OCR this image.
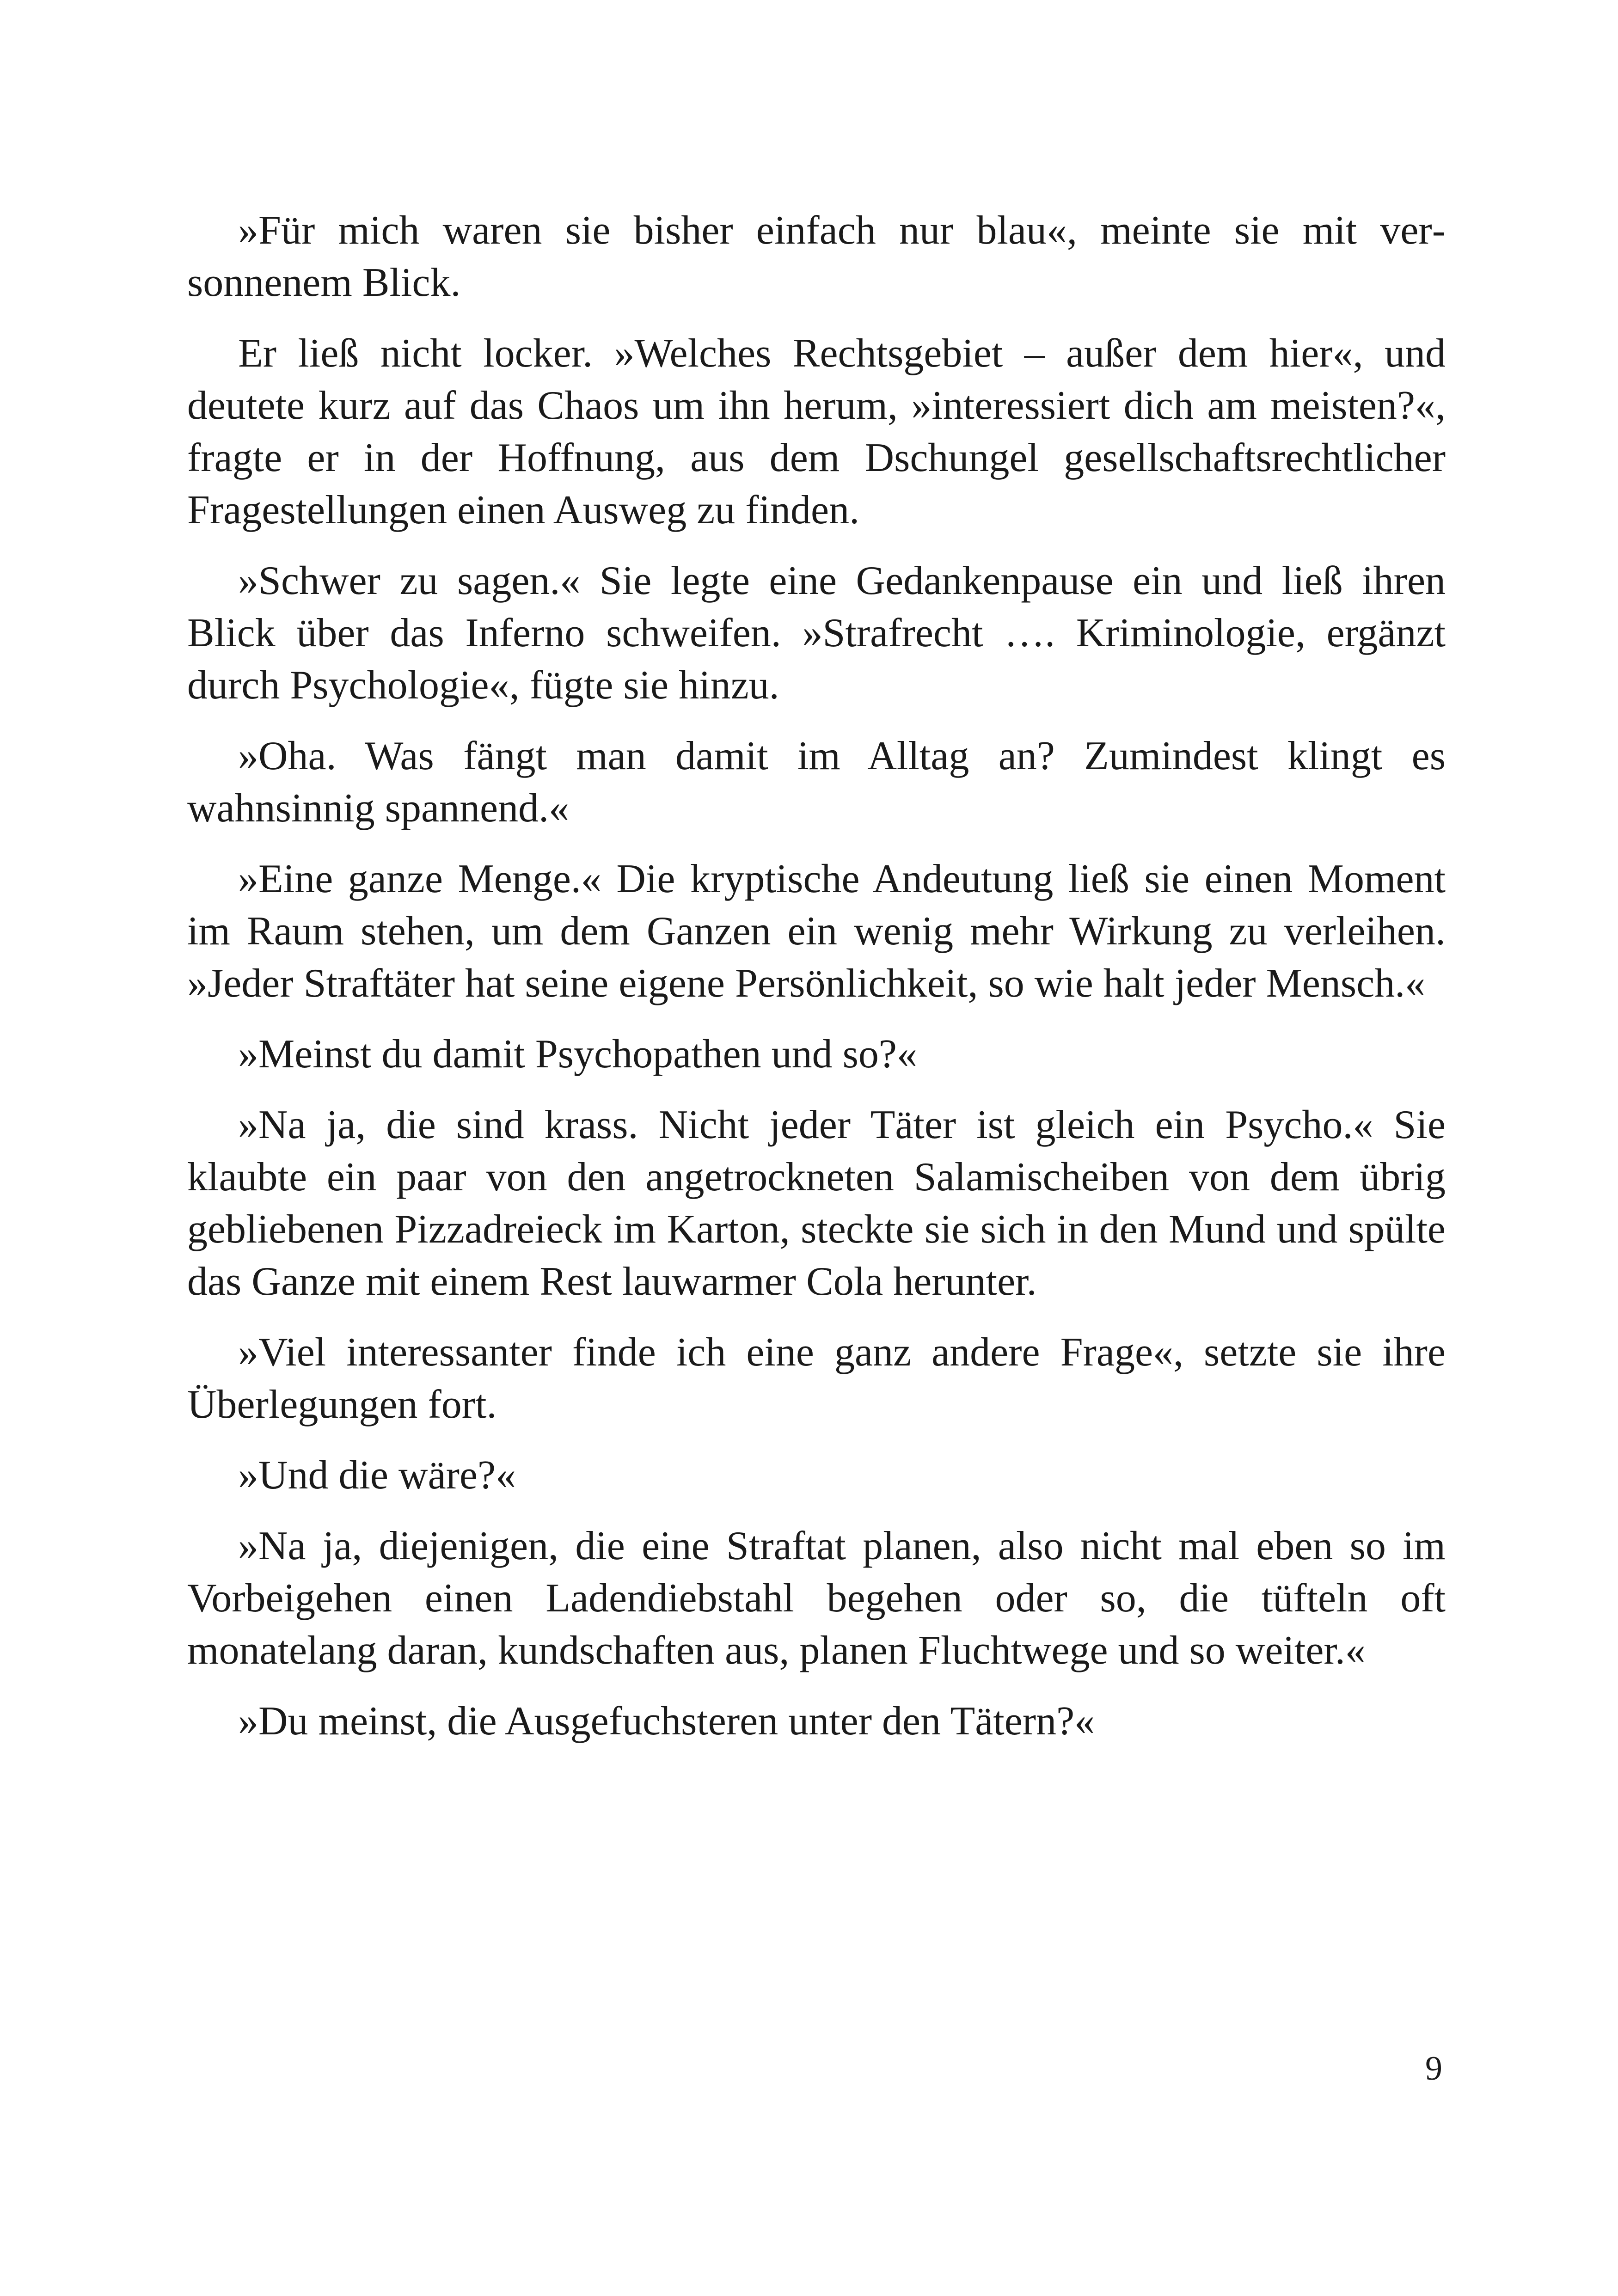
»Für mich waren sie bisher einfach nur blau«, meinte sie mit versonnenem Blick.

Er ließ nicht locker. »Welches Rechtsgebiet – außer dem hier«, und deutete kurz auf das Chaos um ihn herum, »interessiert dich am meisten?«, fragte er in der Hoffnung, aus dem Dschungel gesellschaftsrechtlicher Fragestellungen einen Ausweg zu finden.

»Schwer zu sagen.« Sie legte eine Gedankenpause ein und ließ ihren Blick über das Inferno schweifen. »Strafrecht …. Kriminologie, ergänzt durch Psychologie«, fügte sie hinzu.

»Oha. Was fängt man damit im Alltag an? Zumindest klingt es wahnsinnig spannend.«

»Eine ganze Menge.« Die kryptische Andeutung ließ sie einen Moment im Raum stehen, um dem Ganzen ein wenig mehr Wirkung zu verleihen. »Jeder Straftäter hat seine eigene Persönlichkeit, so wie halt jeder Mensch.«

»Meinst du damit Psychopathen und so?«

»Na ja, die sind krass. Nicht jeder Täter ist gleich ein Psycho.« Sie klaubte ein paar von den angetrockneten Salamischeiben von dem übrig gebliebenen Pizzadreieck im Karton, steckte sie sich in den Mund und spülte das Ganze mit einem Rest lauwarmer Cola herunter.

»Viel interessanter finde ich eine ganz andere Frage«, setzte sie ihre Überlegungen fort.

»Und die wäre?«

»Na ja, diejenigen, die eine Straftat planen, also nicht mal eben so im Vorbeigehen einen Ladendiebstahl begehen oder so, die tüfteln oft monatelang daran, kundschaften aus, planen Fluchtwege und so weiter.«

»Du meinst, die Ausgefuchsteren unter den Tätern?«

9
